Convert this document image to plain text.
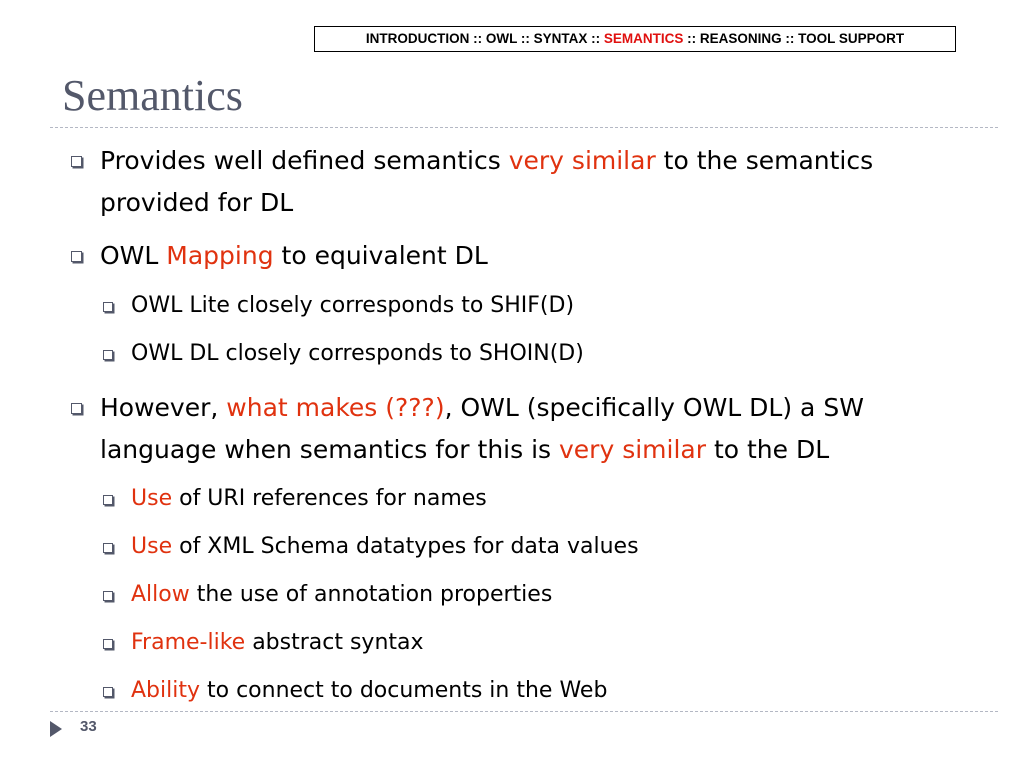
INTRODUCTION :: OWL :: SYNTAX :: SEMANTICS :: REASONING :: TOOL SUPPORT
Semantics

Provides well defined semantics very similar to the semantics provided for DL

OWL Mapping to equivalent DL

OWL Lite closely corresponds to SHIF(D)

OWL DL closely corresponds to SHOIN(D)

However, what makes (???), OWL (specifically OWL DL) a SW language when semantics for this is very similar to the DL

Use of URI references for names

Use of XML Schema datatypes for data values

Allow the use of annotation properties

Frame-like abstract syntax

Ability to connect to documents in the Web

33
